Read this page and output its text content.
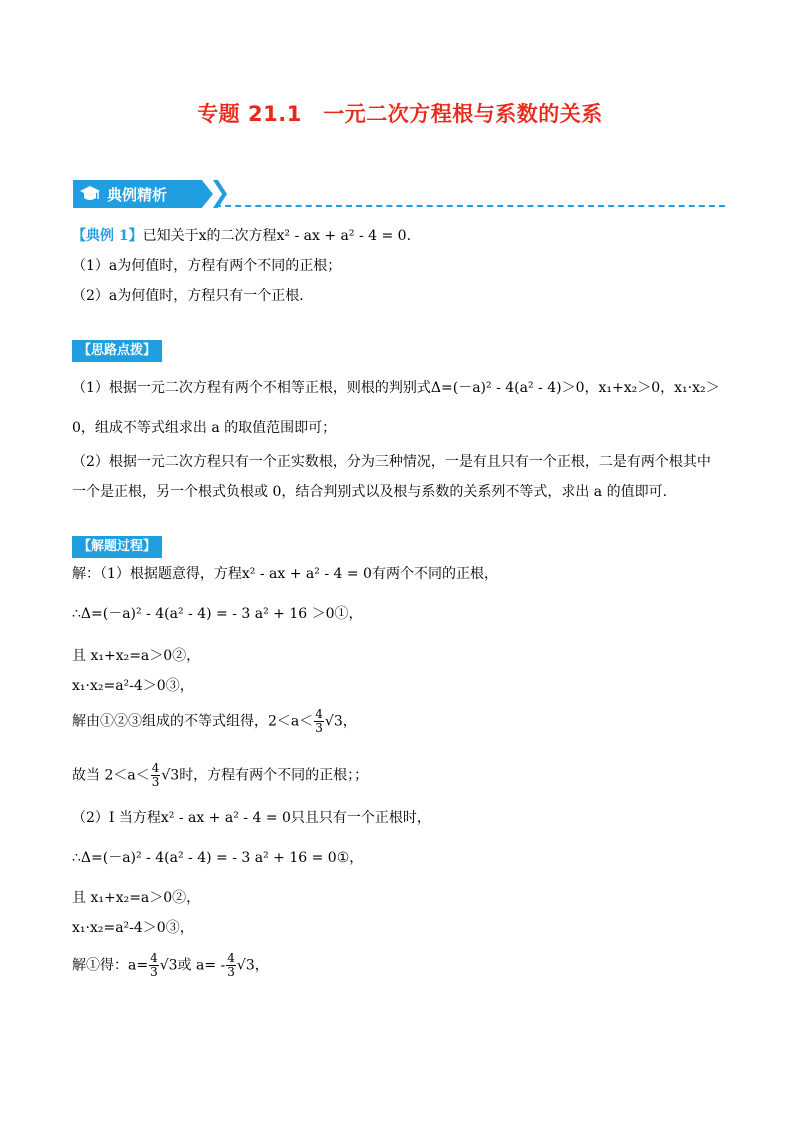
专题 21.1　一元二次方程根与系数的关系
典例精析
【典例 1】已知关于x的二次方程x² - ax + a² - 4 = 0.
（1）a为何值时，方程有两个不同的正根；
（2）a为何值时，方程只有一个正根.
【思路点拨】
（1）根据一元二次方程有两个不相等正根，则根的判别式Δ=(－a)² - 4(a² - 4)＞0，x₁+x₂＞0，x₁·x₂＞
0，组成不等式组求出 a 的取值范围即可；
（2）根据一元二次方程只有一个正实数根，分为三种情况，一是有且只有一个正根，二是有两个根其中
一个是正根，另一个根式负根或 0，结合判别式以及根与系数的关系列不等式，求出 a 的值即可.
【解题过程】
解：（1）根据题意得，方程x² - ax + a² - 4 = 0有两个不同的正根，
∴Δ=(－a)² - 4(a² - 4) = - 3 a² + 16 ＞0①，
且 x₁+x₂=a＞0②，
x₁·x₂=a²-4＞0③，
解由①②③组成的不等式组得，$2<a< \frac{4}{3} √3$，
故当 $2<a< \frac{4}{3} √3$时，方程有两个不同的正根；；
（2）Ⅰ 当方程x² - ax + a² - 4 = 0只且只有一个正根时，
∴Δ=(－a)² - 4(a² - 4) = - 3 a² + 16 = 0①，
且 x₁+x₂=a＞0②，
x₁·x₂=a²-4＞0③，
解①得：$a= \frac{4}{3} √3$或 $a= - \frac{4}{3} √3$，
